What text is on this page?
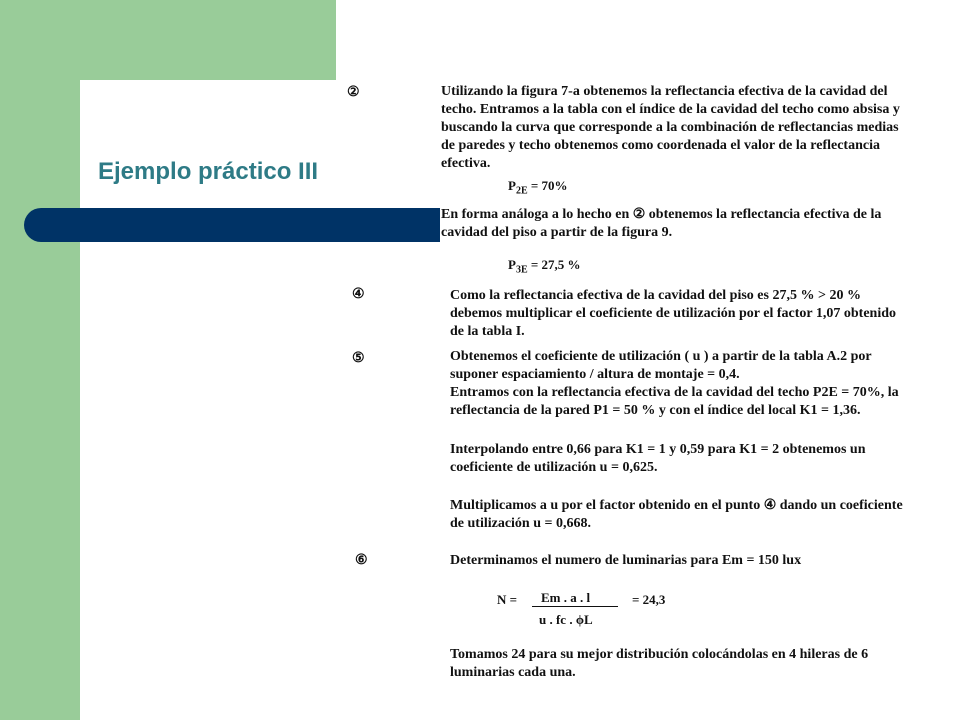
Ejemplo práctico III
②	Utilizando la figura 7-a obtenemos la reflectancia efectiva de la cavidad del
techo. Entramos a la tabla con el índice de la cavidad del techo como absisa y
buscando la curva que corresponde a la combinación de reflectancias medias
de paredes y techo obtenemos como coordenada el valor de la reflectancia
efectiva.
$P_{2E} = 70\%$
En forma análoga a lo hecho en ② obtenemos la reflectancia efectiva de la
cavidad del piso a partir de la figura 9.
$P_{3E} = 27,5$ %
④	Como la reflectancia efectiva de la cavidad del piso es 27,5 % > 20 %
debemos multiplicar el coeficiente de utilización por el factor 1,07 obtenido
de la tabla I.
⑤	Obtenemos el coeficiente de utilización ( u ) a partir de la tabla A.2 por
suponer espaciamiento / altura de montaje = 0,4.
Entramos con la reflectancia efectiva de la cavidad del techo P2E = 70%, la
reflectancia de la pared P1 = 50 % y con el índice del local K1 = 1,36.
Interpolando entre 0,66 para K1 = 1 y 0,59 para K1 = 2 obtenemos un
coeficiente de utilización u = 0,625.
Multiplicamos a u por el factor obtenido en el punto ④ dando un coeficiente
de utilización u = 0,668.
⑥	Determinamos el numero de luminarias para Em = 150 lux
N = Em . a . l
u . fc . ϕL
= 24,3
Tomamos 24 para su mejor distribución colocándolas en 4 hileras de 6
luminarias cada una.
